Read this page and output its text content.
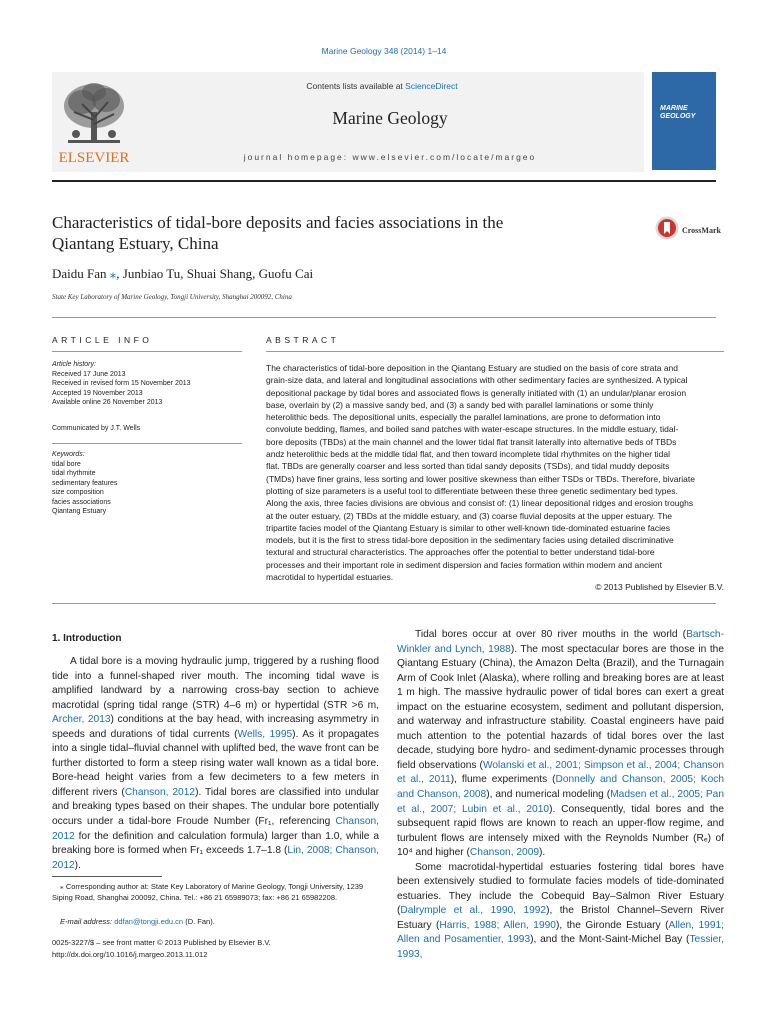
Marine Geology 348 (2014) 1–14
ELSEVIER
Contents lists available at ScienceDirect
Marine Geology
journal homepage: www.elsevier.com/locate/margeo
MARINE GEOLOGY
Characteristics of tidal-bore deposits and facies associations in the
Qiantang Estuary, China
CrossMark
Daidu Fan ⁎, Junbiao Tu, Shuai Shang, Guofu Cai
State Key Laboratory of Marine Geology, Tongji University, Shanghai 200092, China
ARTICLE INFO	ABSTRACT
Article history:
Received 17 June 2013
Received in revised form 15 November 2013
Accepted 19 November 2013
Available online 26 November 2013
Communicated by J.T. Wells
Keywords:
tidal bore
tidal rhythmite
sedimentary features
size composition
facies associations
Qiantang Estuary
The characteristics of tidal-bore deposition in the Qiantang Estuary are studied on the basis of core strata and
grain-size data, and lateral and longitudinal associations with other sedimentary facies are synthesized. A typical
depositional package by tidal bores and associated flows is generally initiated with (1) an undular/planar erosion
base, overlain by (2) a massive sandy bed, and (3) a sandy bed with parallel laminations or some thinly
heterolithic beds. The depositional units, especially the parallel laminations, are prone to deformation into
convolute bedding, flames, and boiled sand patches with water-escape structures. In the middle estuary, tidal-
bore deposits (TBDs) at the main channel and the lower tidal flat transit laterally into alternative beds of TBDs
andz heterolithic beds at the middle tidal flat, and then toward incomplete tidal rhythmites on the higher tidal
flat. TBDs are generally coarser and less sorted than tidal sandy deposits (TSDs), and tidal muddy deposits
(TMDs) have finer grains, less sorting and lower positive skewness than either TSDs or TBDs. Therefore, bivariate
plotting of size parameters is a useful tool to differentiate between these three genetic sedimentary bed types.
Along the axis, three facies divisions are obvious and consist of: (1) linear depositional ridges and erosion troughs
at the outer estuary, (2) TBDs at the middle estuary, and (3) coarse fluvial deposits at the upper estuary. The
tripartite facies model of the Qiantang Estuary is similar to other well-known tide-dominated estuarine facies
models, but it is the first to stress tidal-bore deposition in the sedimentary facies using detailed discriminative
textural and structural characteristics. The approaches offer the potential to better understand tidal-bore
processes and their important role in sediment dispersion and facies formation within modern and ancient
macrotidal to hypertidal estuaries.
© 2013 Published by Elsevier B.V.
1. Introduction

A tidal bore is a moving hydraulic jump, triggered by a rushing flood tide into a funnel-shaped river mouth. The incoming tidal wave is amplified landward by a narrowing cross-bay section to achieve macrotidal (spring tidal range (STR) 4–6 m) or hypertidal (STR >6 m, Archer, 2013) conditions at the bay head, with increasing asymmetry in speeds and durations of tidal currents (Wells, 1995). As it propagates into a single tidal–fluvial channel with uplifted bed, the wave front can be further distorted to form a steep rising water wall known as a tidal bore. Bore-head height varies from a few decimeters to a few meters in different rivers (Chanson, 2012). Tidal bores are classified into undular and breaking types based on their shapes. The undular bore potentially occurs under a tidal-bore Froude Number (Fr₁, referencing Chanson, 2012 for the definition and calculation formula) larger than 1.0, while a breaking bore is formed when Fr₁ exceeds 1.7–1.8 (Lin, 2008; Chanson, 2012).

Tidal bores occur at over 80 river mouths in the world (Bartsch-Winkler and Lynch, 1988). The most spectacular bores are those in the Qiantang Estuary (China), the Amazon Delta (Brazil), and the Turnagain Arm of Cook Inlet (Alaska), where rolling and breaking bores are at least 1 m high. The massive hydraulic power of tidal bores can exert a great impact on the estuarine ecosystem, sediment and pollutant dispersion, and waterway and infrastructure stability. Coastal engineers have paid much attention to the potential hazards of tidal bores over the last decade, studying bore hydro- and sediment-dynamic processes through field observations (Wolanski et al., 2001; Simpson et al., 2004; Chanson et al., 2011), flume experiments (Donnelly and Chanson, 2005; Koch and Chanson, 2008), and numerical modeling (Madsen et al., 2005; Pan et al., 2007; Lubin et al., 2010). Consequently, tidal bores and the subsequent rapid flows are known to reach an upper-flow regime, and turbulent flows are intensely mixed with the Reynolds Number (Rₑ) of 10⁴ and higher (Chanson, 2009).

Some macrotidal-hypertidal estuaries fostering tidal bores have been extensively studied to formulate facies models of tide-dominated estuaries. They include the Cobequid Bay–Salmon River Estuary (Dalrymple et al., 1990, 1992), the Bristol Channel–Severn River Estuary (Harris, 1988; Allen, 1990), the Gironde Estuary (Allen, 1991; Allen and Posamentier, 1993), and the Mont-Saint-Michel Bay (Tessier, 1993,

⁎ Corresponding author at: State Key Laboratory of Marine Geology, Tongji University, 1239 Siping Road, Shanghai 200092, China. Tel.: +86 21 65989073; fax: +86 21 65982208.
E-mail address: ddfan@tongji.edu.cn (D. Fan).
0025-3227/$ – see front matter © 2013 Published by Elsevier B.V.
http://dx.doi.org/10.1016/j.margeo.2013.11.012
